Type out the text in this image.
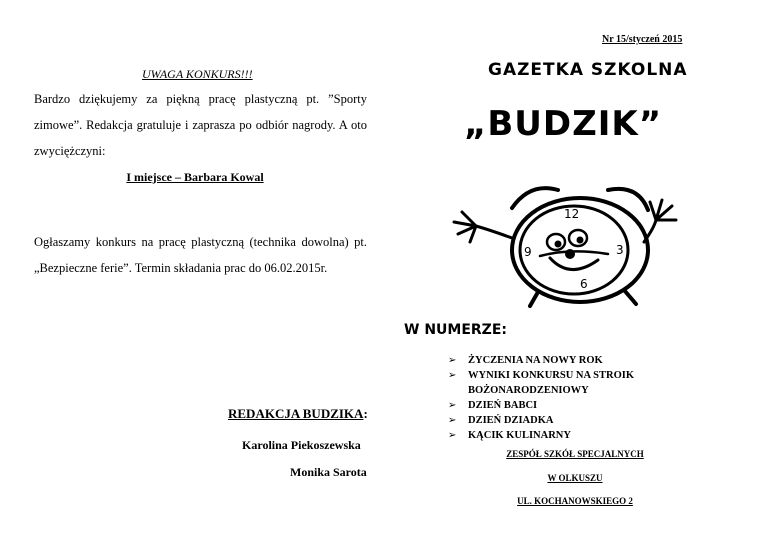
Nr 15/styczeń 2015
UWAGA KONKURS!!!
Bardzo dziękujemy za piękną pracę plastyczną pt. ”Sporty zimowe”. Redakcja gratuluje i zaprasza po odbiór nagrody. A oto zwyciężczyni:
I miejsce – Barbara Kowal
Ogłaszamy konkurs na pracę plastyczną (technika dowolna) pt. „Bezpieczne ferie”. Termin składania prac do 06.02.2015r.
REDAKCJA BUDZIKA:
Karolina Piekoszewska
Monika Sarota
GAZETKA SZKOLNA
„BUDZIK”
12
3
6
9
W NUMERZE:
➢ ŻYCZENIA NA NOWY ROK
➢ WYNIKI KONKURSU NA STROIK
BOŻONARODZENIOWY
➢ DZIEŃ BABCI
➢ DZIEŃ DZIADKA
➢ KĄCIK KULINARNY
ZESPÓŁ SZKÓŁ SPECJALNYCH
W OLKUSZU
UL. KOCHANOWSKIEGO 2
